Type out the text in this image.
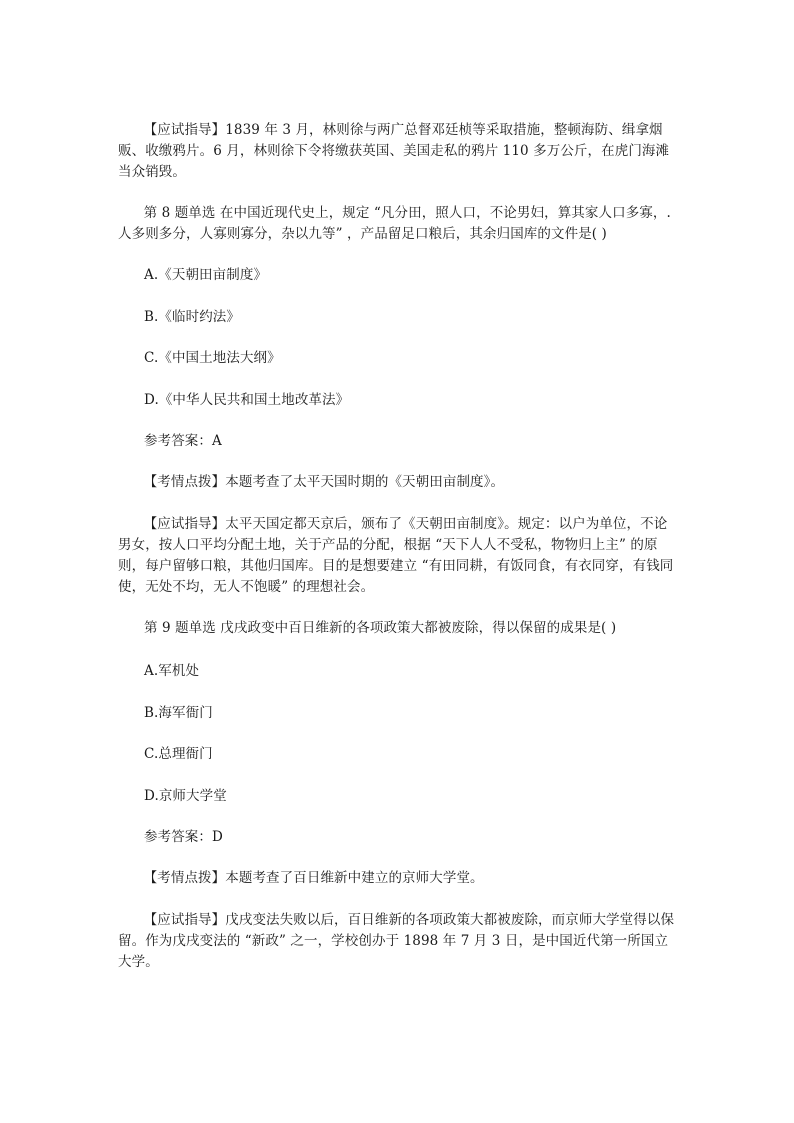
【应试指导】1839 年 3 月，林则徐与两广总督邓廷桢等采取措施，整顿海防、缉拿烟贩、收缴鸦片。6 月，林则徐下令将缴获英国、美国走私的鸦片 110 多万公斤，在虎门海滩当众销毁。
第 8 题单选 在中国近现代史上，规定 “凡分田，照人口，不论男妇，算其家人口多寡，.人多则多分，人寡则寡分，杂以九等” ，产品留足口粮后，其余归国库的文件是( )
A.《天朝田亩制度》
B.《临时约法》
C.《中国土地法大纲》
D.《中华人民共和国土地改革法》
参考答案：A
【考情点拨】本题考查了太平天国时期的《天朝田亩制度》。
【应试指导】太平天国定都天京后，颁布了《天朝田亩制度》。规定：以户为单位，不论男女，按人口平均分配土地，关于产品的分配，根据 “天下人人不受私，物物归上主” 的原则，每户留够口粮，其他归国库。目的是想要建立 “有田同耕，有饭同食，有衣同穿，有钱同使，无处不均，无人不饱暖” 的理想社会。
第 9 题单选 戊戌政变中百日维新的各项政策大都被废除，得以保留的成果是( )
A.军机处
B.海军衙门
C.总理衙门
D.京师大学堂
参考答案：D
【考情点拨】本题考查了百日维新中建立的京师大学堂。
【应试指导】戊戌变法失败以后，百日维新的各项政策大都被废除，而京师大学堂得以保留。作为戊戌变法的 “新政” 之一，学校创办于 1898 年 7 月 3 日，是中国近代第一所国立大学。
